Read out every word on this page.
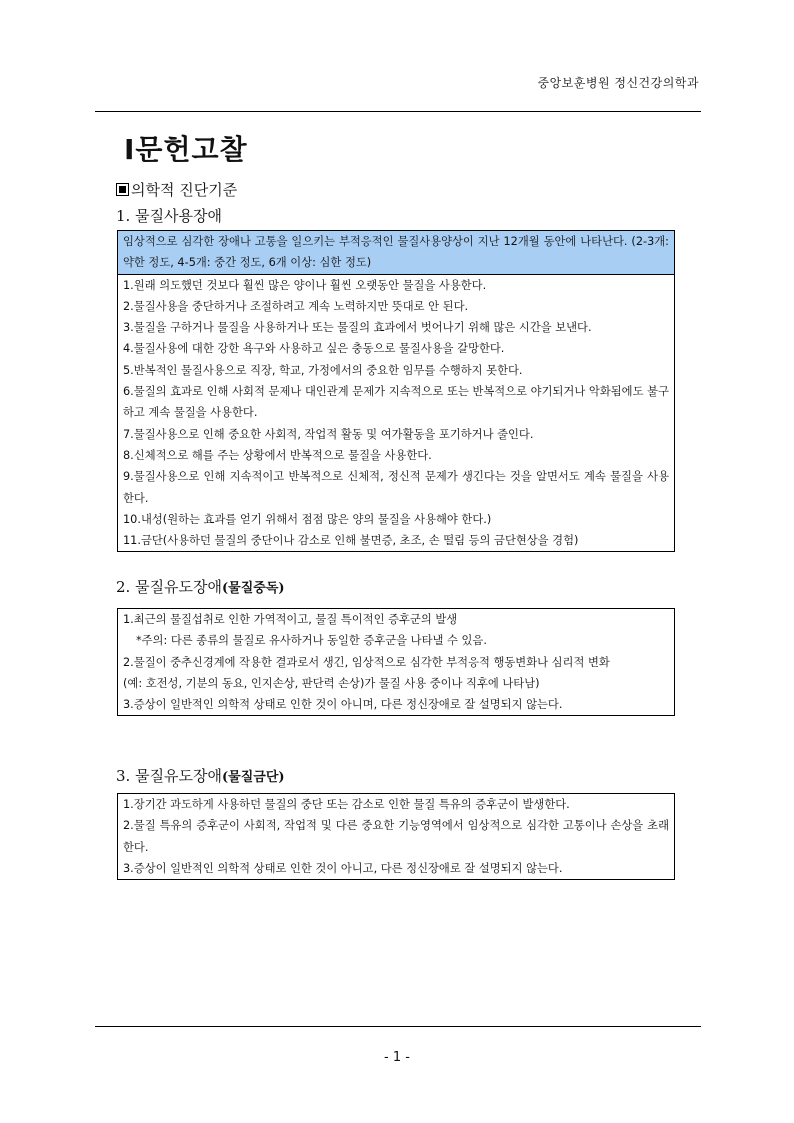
중앙보훈병원 정신건강의학과
Ⅰ문헌고찰
의학적 진단기준
1. 물질사용장애
임상적으로 심각한 장애나 고통을 일으키는 부적응적인 물질사용양상이 지난 12개월 동안에 나타난다. (2-3개: 약한 정도, 4-5개: 중간 정도, 6개 이상: 심한 정도)
1.원래 의도했던 것보다 훨씬 많은 양이나 훨씬 오랫동안 물질을 사용한다.
2.물질사용을 중단하거나 조절하려고 계속 노력하지만 뜻대로 안 된다.
3.물질을 구하거나 물질을 사용하거나 또는 물질의 효과에서 벗어나기 위해 많은 시간을 보낸다.
4.물질사용에 대한 강한 욕구와 사용하고 싶은 충동으로 물질사용을 갈망한다.
5.반복적인 물질사용으로 직장, 학교, 가정에서의 중요한 임무를 수행하지 못한다.
6.물질의 효과로 인해 사회적 문제나 대인관계 문제가 지속적으로 또는 반복적으로 야기되거나 악화됨에도 불구하고 계속 물질을 사용한다.
7.물질사용으로 인해 중요한 사회적, 작업적 활동 및 여가활동을 포기하거나 줄인다.
8.신체적으로 해를 주는 상황에서 반복적으로 물질을 사용한다.
9.물질사용으로 인해 지속적이고 반복적으로 신체적, 정신적 문제가 생긴다는 것을 알면서도 계속 물질을 사용한다.
10.내성(원하는 효과를 얻기 위해서 점점 많은 양의 물질을 사용해야 한다.)
11.금단(사용하던 물질의 중단이나 감소로 인해 불면증, 초조, 손 떨림 등의 금단현상을 경험)
2. 물질유도장애(물질중독)
1.최근의 물질섭취로 인한 가역적이고, 물질 특이적인 증후군의 발생
*주의: 다른 종류의 물질로 유사하거나 동일한 증후군을 나타낼 수 있음.
2.물질이 중추신경계에 작용한 결과로서 생긴, 임상적으로 심각한 부적응적 행동변화나 심리적 변화
(예: 호전성, 기분의 동요, 인지손상, 판단력 손상)가 물질 사용 중이나 직후에 나타남)
3.증상이 일반적인 의학적 상태로 인한 것이 아니며, 다른 정신장애로 잘 설명되지 않는다.
3. 물질유도장애(물질금단)
1.장기간 과도하게 사용하던 물질의 중단 또는 감소로 인한 물질 특유의 증후군이 발생한다.
2.물질 특유의 증후군이 사회적, 작업적 및 다른 중요한 기능영역에서 임상적으로 심각한 고통이나 손상을 초래한다.
3.증상이 일반적인 의학적 상태로 인한 것이 아니고, 다른 정신장애로 잘 설명되지 않는다.
- 1 -
